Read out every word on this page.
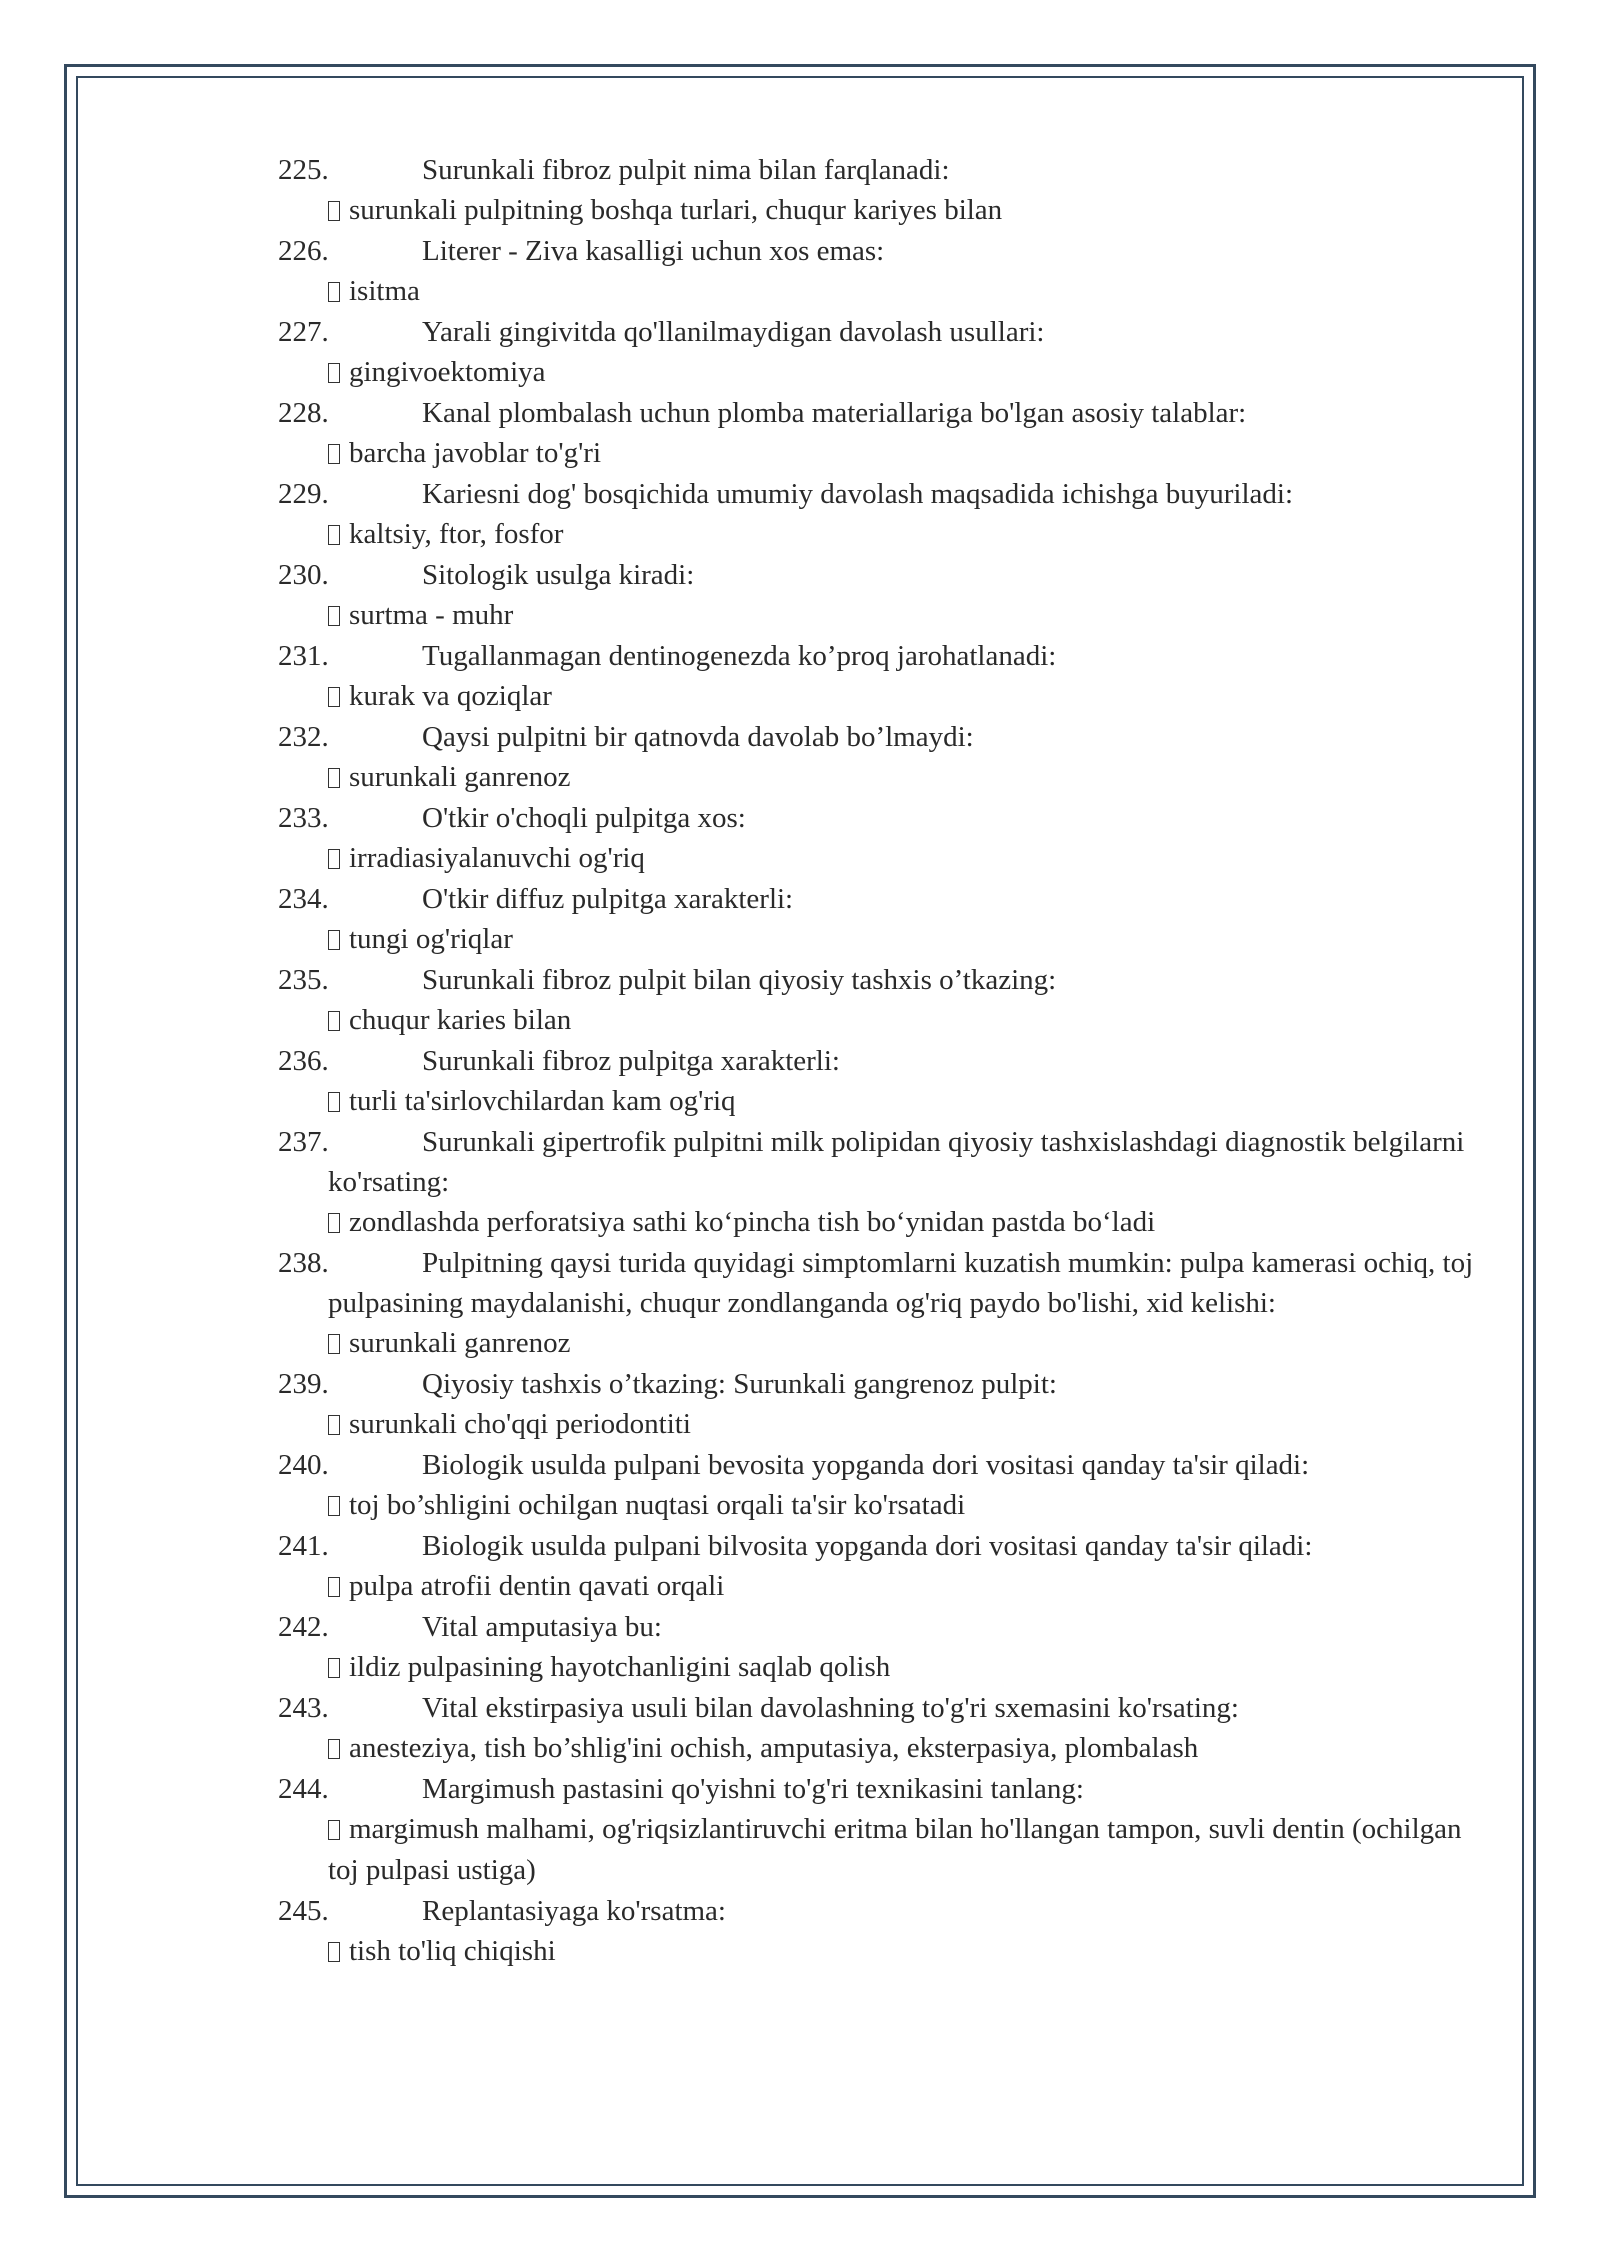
225.	Surunkali fibroz pulpit nima bilan farqlanadi:
surunkali pulpitning boshqa turlari, chuqur kariyes bilan
226.	Literer - Ziva kasalligi uchun xos emas:
isitma
227.	Yarali gingivitda qo'llanilmaydigan davolash usullari:
gingivoektomiya
228.	Kanal plombalash uchun plomba materiallariga bo'lgan asosiy talablar:
barcha javoblar to'g'ri
229.	Kariesni dog' bosqichida umumiy davolash maqsadida ichishga buyuriladi:
kaltsiy, ftor, fosfor
230.	Sitologik usulga kiradi:
surtma - muhr
231.	Tugallanmagan dentinogenezda ko’proq jarohatlanadi:
kurak va qoziqlar
232.	Qaysi pulpitni bir qatnovda davolab bo’lmaydi:
surunkali ganrenoz
233.	O'tkir o'choqli pulpitga xos:
irradiasiyalanuvchi og'riq
234.	O'tkir diffuz pulpitga xarakterli:
tungi og'riqlar
235.	Surunkali fibroz pulpit bilan qiyosiy tashxis o’tkazing:
chuqur karies bilan
236.	Surunkali fibroz pulpitga xarakterli:
turli ta'sirlovchilardan kam og'riq
237.	Surunkali gipertrofik pulpitni milk polipidan qiyosiy tashxislashdagi diagnostik belgilarni ko'rsating:
zondlashda perforatsiya sathi ko‘pincha tish bo‘ynidan pastda bo‘ladi
238.	Pulpitning qaysi turida quyidagi simptomlarni kuzatish mumkin: pulpa kamerasi ochiq, toj pulpasining maydalanishi, chuqur zondlanganda og'riq paydo bo'lishi, xid kelishi:
surunkali ganrenoz
239.	Qiyosiy tashxis o’tkazing: Surunkali gangrenoz pulpit:
surunkali cho'qqi periodontiti
240.	Biologik usulda pulpani bevosita yopganda dori vositasi qanday ta'sir qiladi:
toj bo’shligini ochilgan nuqtasi orqali ta'sir ko'rsatadi
241.	Biologik usulda pulpani bilvosita yopganda dori vositasi qanday ta'sir qiladi:
pulpa atrofii dentin qavati orqali
242.	Vital amputasiya bu:
ildiz pulpasining hayotchanligini saqlab qolish
243.	Vital ekstirpasiya usuli bilan davolashning to'g'ri sxemasini ko'rsating:
anesteziya, tish bo’shlig'ini ochish, amputasiya, eksterpasiya, plombalash
244.	Margimush pastasini qo'yishni to'g'ri texnikasini tanlang:
margimush malhami, og'riqsizlantiruvchi eritma bilan ho'llangan tampon, suvli dentin (ochilgan toj pulpasi ustiga)
245.	Replantasiyaga ko'rsatma:
tish to'liq chiqishi
